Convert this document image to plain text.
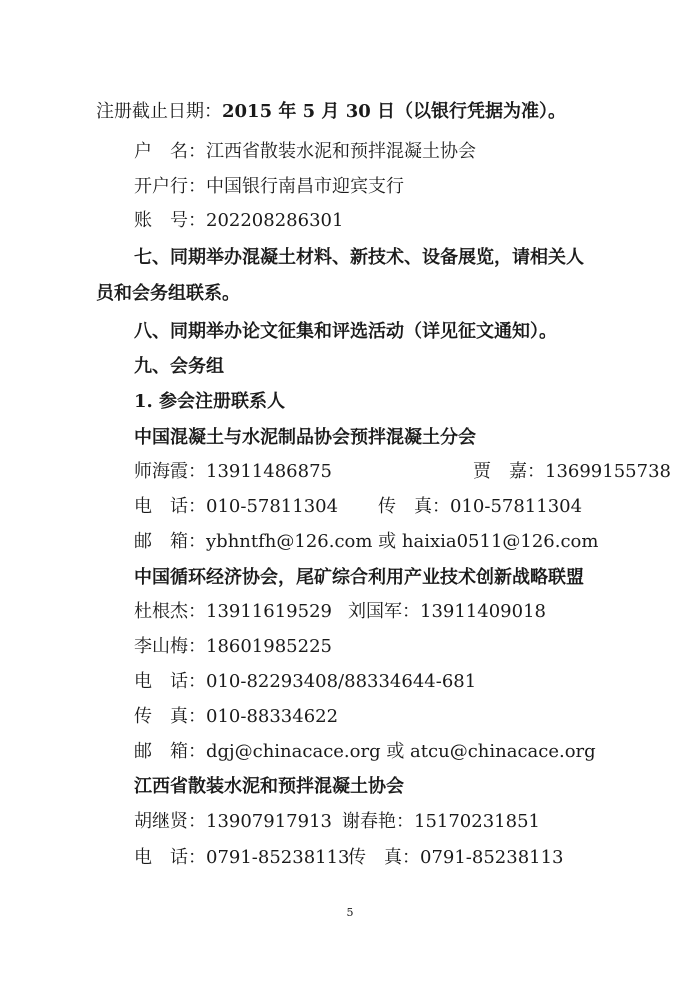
注册截止日期：2015 年 5 月 30 日（以银行凭据为准）。
户　名：江西省散装水泥和预拌混凝土协会
开户行：中国银行南昌市迎宾支行
账　号：202208286301
七、同期举办混凝土材料、新技术、设备展览，请相关人
员和会务组联系。
八、同期举办论文征集和评选活动（详见征文通知）。
九、会务组
1. 参会注册联系人
中国混凝土与水泥制品协会预拌混凝土分会
师海霞：13911486875	贾　嘉：13699155738
电　话：010-57811304 传　真：010-57811304
邮　箱：ybhntfh@126.com 或 haixia0511@126.com
中国循环经济协会，尾矿综合利用产业技术创新战略联盟
杜根杰：13911619529 刘国军：13911409018
李山梅：18601985225
电　话：010-82293408/88334644-681
传　真：010-88334622
邮　箱：dgj@chinacace.org 或 atcu@chinacace.org
江西省散装水泥和预拌混凝土协会
胡继贤：13907917913 谢春艳：15170231851
电　话：0791-85238113
传　真：0791-85238113
5
